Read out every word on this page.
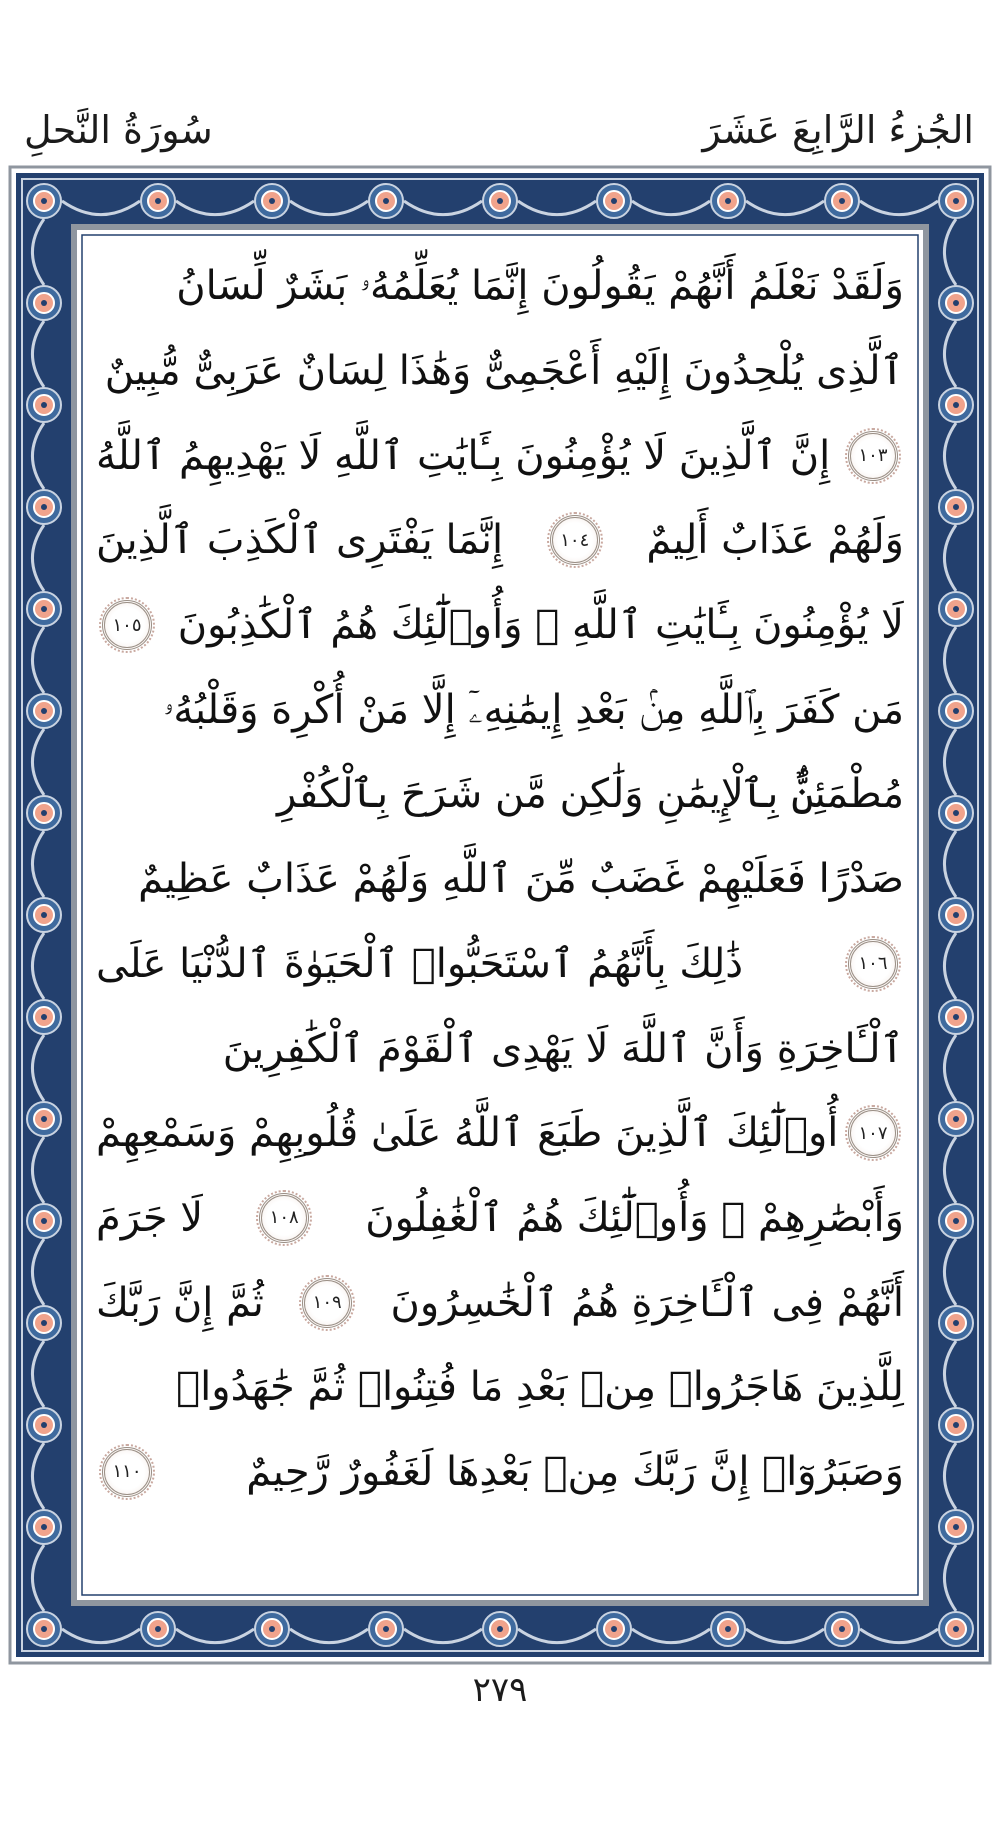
الجُزءُ الرَّابِعَ عَشَرَ
سُورَةُ النَّحلِ
وَلَقَدْ نَعْلَمُ أَنَّهُمْ يَقُولُونَ إِنَّمَا يُعَلِّمُهُۥ بَشَرٌ لِّسَانُ
ٱلَّذِى يُلْحِدُونَ إِلَيْهِ أَعْجَمِىٌّ وَهَٰذَا لِسَانٌ عَرَبِىٌّ مُّبِينٌ
١٠٣
إِنَّ ٱلَّذِينَ لَا يُؤْمِنُونَ بِـَٔايَٰتِ ٱللَّهِ لَا يَهْدِيهِمُ ٱللَّهُ
وَلَهُمْ عَذَابٌ أَلِيمٌ
١٠٤
إِنَّمَا يَفْتَرِى ٱلْكَذِبَ ٱلَّذِينَ
لَا يُؤْمِنُونَ بِـَٔايَٰتِ ٱللَّهِ ۖ وَأُو۟لَٰٓئِكَ هُمُ ٱلْكَٰذِبُونَ
١٠٥
مَن كَفَرَ بِٱللَّهِ مِنۢ بَعْدِ إِيمَٰنِهِۦٓ إِلَّا مَنْ أُكْرِهَ وَقَلْبُهُۥ
مُطْمَئِنٌّۢ بِٱلْإِيمَٰنِ وَلَٰكِن مَّن شَرَحَ بِٱلْكُفْرِ
صَدْرًا فَعَلَيْهِمْ غَضَبٌ مِّنَ ٱللَّهِ وَلَهُمْ عَذَابٌ عَظِيمٌ
١٠٦
ذَٰلِكَ بِأَنَّهُمُ ٱسْتَحَبُّوا۟ ٱلْحَيَوٰةَ ٱلدُّنْيَا عَلَى
ٱلْـَٔاخِرَةِ وَأَنَّ ٱللَّهَ لَا يَهْدِى ٱلْقَوْمَ ٱلْكَٰفِرِينَ
١٠٧
أُو۟لَٰٓئِكَ ٱلَّذِينَ طَبَعَ ٱللَّهُ عَلَىٰ قُلُوبِهِمْ وَسَمْعِهِمْ
وَأَبْصَٰرِهِمْ ۖ وَأُو۟لَٰٓئِكَ هُمُ ٱلْغَٰفِلُونَ
١٠٨
لَا جَرَمَ
أَنَّهُمْ فِى ٱلْـَٔاخِرَةِ هُمُ ٱلْخَٰسِرُونَ
١٠٩
ثُمَّ إِنَّ رَبَّكَ
لِلَّذِينَ هَاجَرُوا۟ مِنۢ بَعْدِ مَا فُتِنُوا۟ ثُمَّ جَٰهَدُوا۟
وَصَبَرُوٓا۟ إِنَّ رَبَّكَ مِنۢ بَعْدِهَا لَغَفُورٌ رَّحِيمٌ
١١٠
٢٧٩
